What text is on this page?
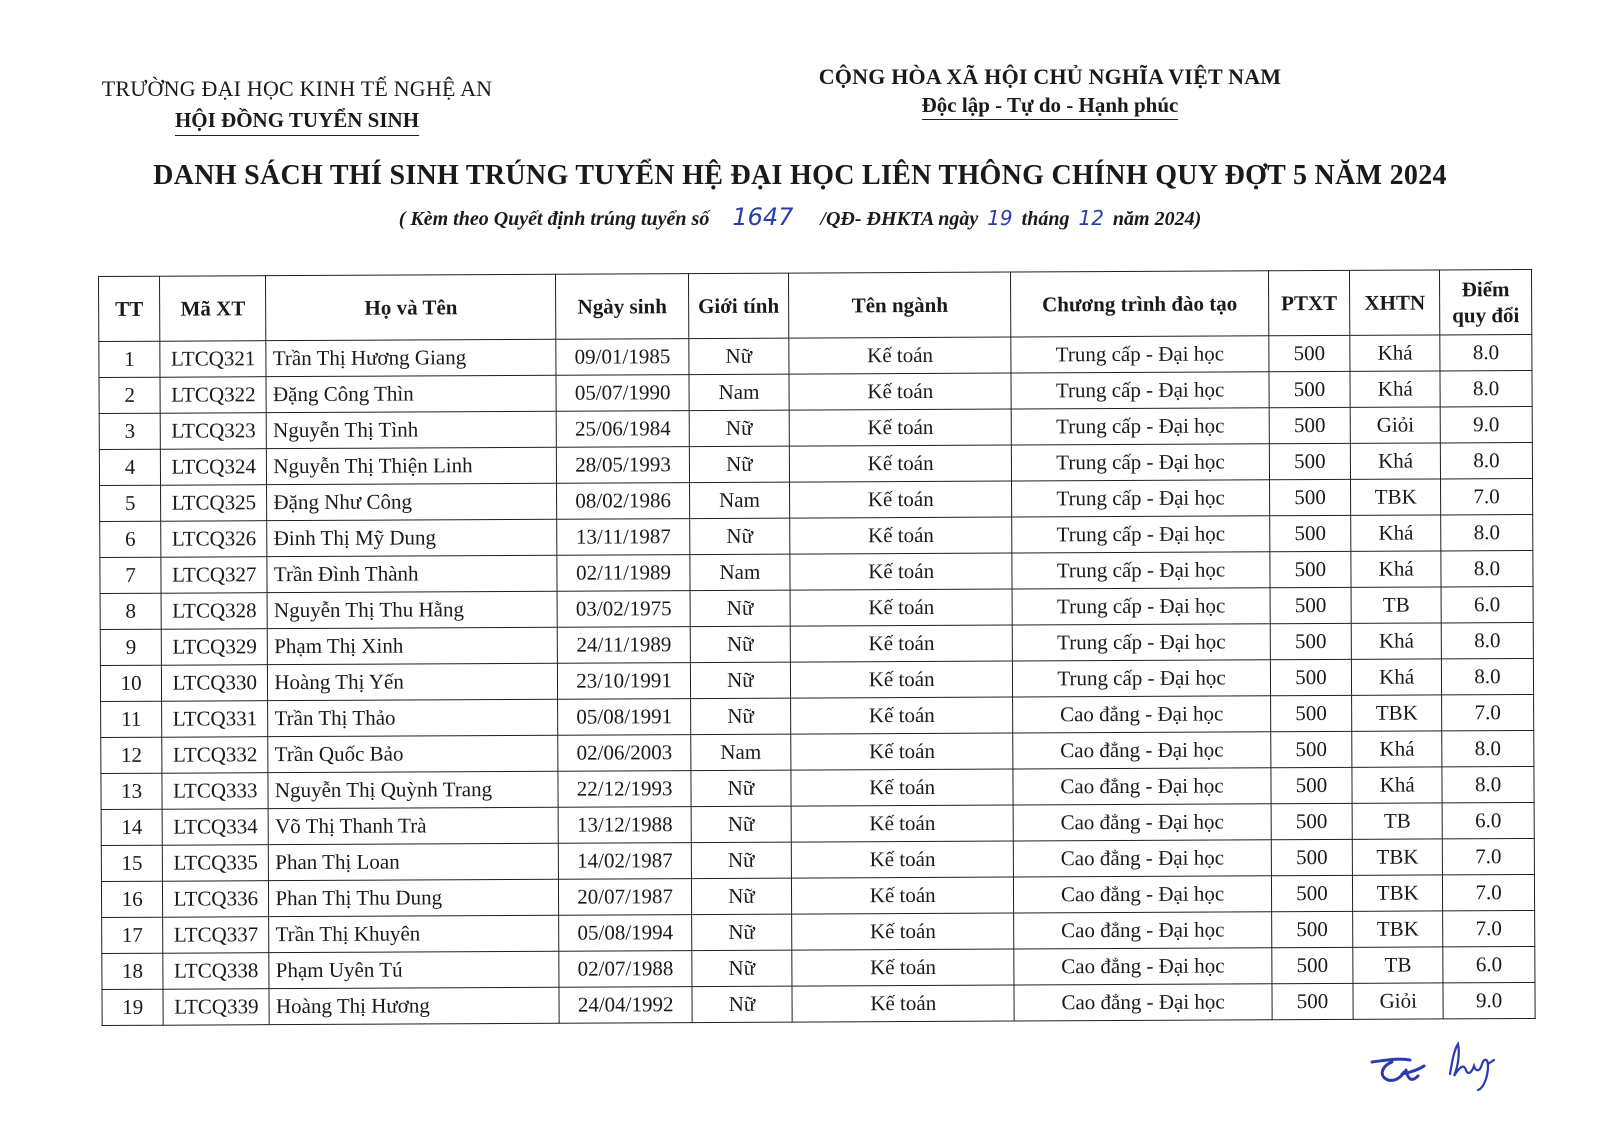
TRƯỜNG ĐẠI HỌC KINH TẾ NGHỆ AN
HỘI ĐỒNG TUYỂN SINH
CỘNG HÒA XÃ HỘI CHỦ NGHĨA VIỆT NAM
Độc lập - Tự do - Hạnh phúc
DANH SÁCH THÍ SINH TRÚNG TUYỂN HỆ ĐẠI HỌC LIÊN THÔNG CHÍNH QUY ĐỢT 5 NĂM 2024
( Kèm theo Quyết định trúng tuyển số 1647 /QĐ- ĐHKTA ngày 19 tháng 12 năm 2024)
TT	Mã XT	Họ và Tên	Ngày sinh	Giới tính	Tên ngành	Chương trình đào tạo	PTXT	XHTN	Điểm
quy đổi

1	LTCQ321	Trần Thị Hương Giang	09/01/1985	Nữ	Kế toán	Trung cấp - Đại học	500	Khá	8.0
2	LTCQ322	Đặng Công Thìn	05/07/1990	Nam	Kế toán	Trung cấp - Đại học	500	Khá	8.0
3	LTCQ323	Nguyễn Thị Tình	25/06/1984	Nữ	Kế toán	Trung cấp - Đại học	500	Giỏi	9.0
4	LTCQ324	Nguyễn Thị Thiện Linh	28/05/1993	Nữ	Kế toán	Trung cấp - Đại học	500	Khá	8.0
5	LTCQ325	Đặng Như Công	08/02/1986	Nam	Kế toán	Trung cấp - Đại học	500	TBK	7.0
6	LTCQ326	Đinh Thị Mỹ Dung	13/11/1987	Nữ	Kế toán	Trung cấp - Đại học	500	Khá	8.0
7	LTCQ327	Trần Đình Thành	02/11/1989	Nam	Kế toán	Trung cấp - Đại học	500	Khá	8.0
8	LTCQ328	Nguyễn Thị Thu Hằng	03/02/1975	Nữ	Kế toán	Trung cấp - Đại học	500	TB	6.0
9	LTCQ329	Phạm Thị Xinh	24/11/1989	Nữ	Kế toán	Trung cấp - Đại học	500	Khá	8.0
10	LTCQ330	Hoàng Thị Yến	23/10/1991	Nữ	Kế toán	Trung cấp - Đại học	500	Khá	8.0
11	LTCQ331	Trần Thị Thảo	05/08/1991	Nữ	Kế toán	Cao đẳng - Đại học	500	TBK	7.0
12	LTCQ332	Trần Quốc Bảo	02/06/2003	Nam	Kế toán	Cao đẳng - Đại học	500	Khá	8.0
13	LTCQ333	Nguyễn Thị Quỳnh Trang	22/12/1993	Nữ	Kế toán	Cao đẳng - Đại học	500	Khá	8.0
14	LTCQ334	Võ Thị Thanh Trà	13/12/1988	Nữ	Kế toán	Cao đẳng - Đại học	500	TB	6.0
15	LTCQ335	Phan Thị Loan	14/02/1987	Nữ	Kế toán	Cao đẳng - Đại học	500	TBK	7.0
16	LTCQ336	Phan Thị Thu Dung	20/07/1987	Nữ	Kế toán	Cao đẳng - Đại học	500	TBK	7.0
17	LTCQ337	Trần Thị Khuyên	05/08/1994	Nữ	Kế toán	Cao đẳng - Đại học	500	TBK	7.0
18	LTCQ338	Phạm Uyên Tú	02/07/1988	Nữ	Kế toán	Cao đẳng - Đại học	500	TB	6.0
19	LTCQ339	Hoàng Thị Hương	24/04/1992	Nữ	Kế toán	Cao đẳng - Đại học	500	Giỏi	9.0
